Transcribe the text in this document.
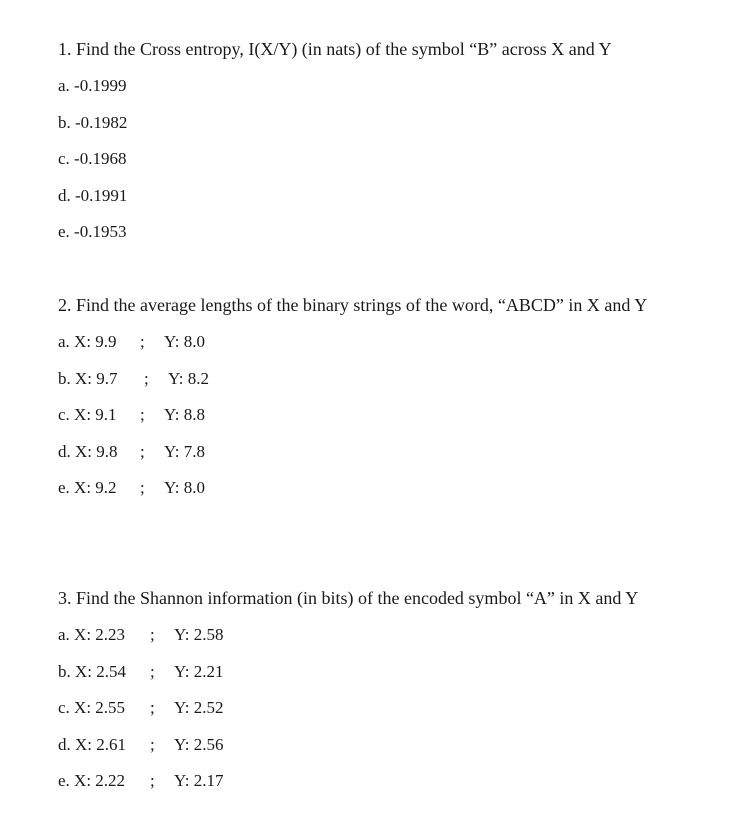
1. Find the Cross entropy, I(X/Y) (in nats) of the symbol “B” across X and Y

a. -0.1999
b. -0.1982
c. -0.1968
d. -0.1991
e. -0.1953

2. Find the average lengths of the binary strings of the word, “ABCD” in X and Y

a. X: 9.9 ; Y: 8.0
b. X: 9.7 ; Y: 8.2
c. X: 9.1 ; Y: 8.8
d. X: 9.8 ; Y: 7.8
e. X: 9.2 ; Y: 8.0

3. Find the Shannon information (in bits) of the encoded symbol “A” in X and Y

a. X: 2.23 ; Y: 2.58
b. X: 2.54 ; Y: 2.21
c. X: 2.55 ; Y: 2.52
d. X: 2.61 ; Y: 2.56
e. X: 2.22 ; Y: 2.17
